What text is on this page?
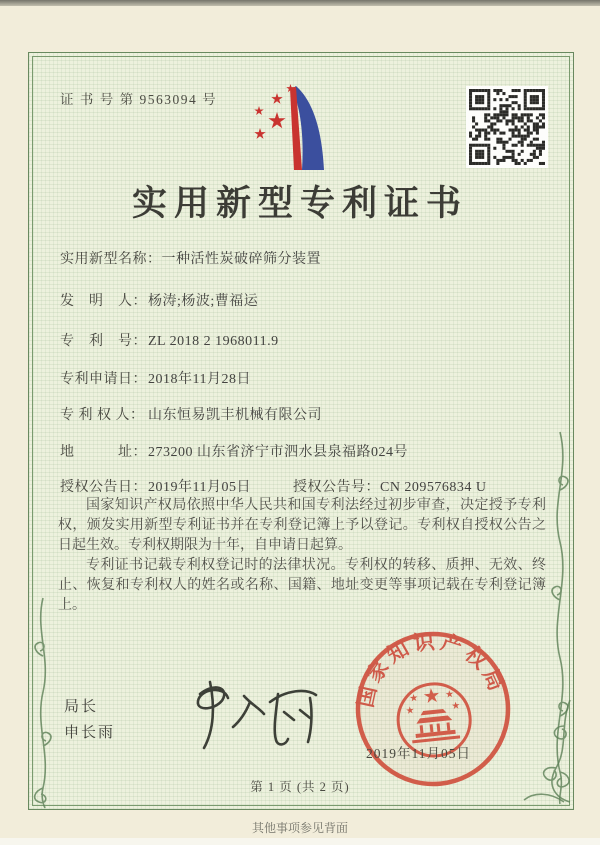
证 书 号 第 9563094 号
实用新型专利证书
实用新型名称：一种活性炭破碎筛分装置
发　明　人：杨涛;杨波;曹福运
专　利　号：ZL 2018 2 1968011.9
专利申请日：2018年11月28日
专 利 权 人： 山东恒易凯丰机械有限公司
地　　　址：273200 山东省济宁市泗水县泉福路024号
授权公告日：2019年11月05日	授权公告号：CN 209576834 U

国家知识产权局依照中华人民共和国专利法经过初步审查，决定授予专利权，颁发实用新型专利证书并在专利登记簿上予以登记。专利权自授权公告之日起生效。专利权期限为十年，自申请日起算。

专利证书记载专利权登记时的法律状况。专利权的转移、质押、无效、终止、恢复和专利权人的姓名或名称、国籍、地址变更等事项记载在专利登记簿上。

局长
申长雨
国家知识产权局
2019年11月05日
第 1 页 (共 2 页)
其他事项参见背面
